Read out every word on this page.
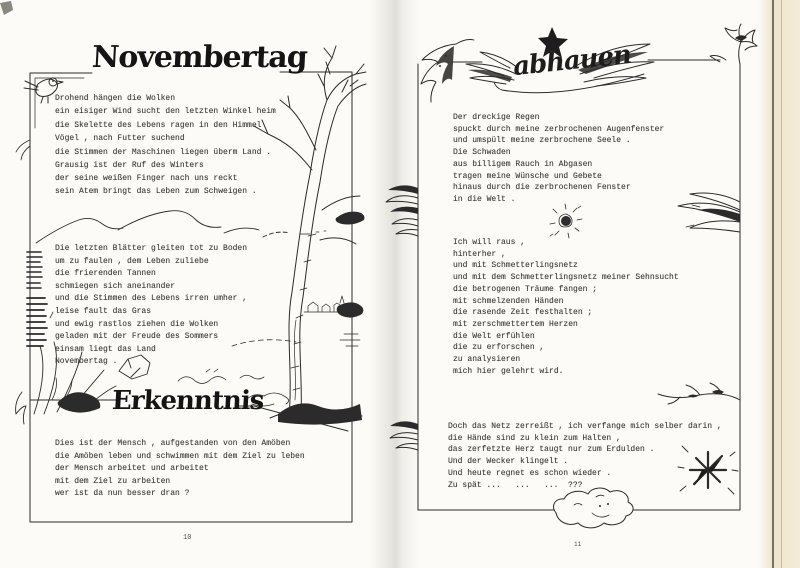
Novembertag
Drohend hängen die Wolken
ein eisiger Wind sucht den letzten Winkel heim
die Skelette des Lebens ragen in den Himmel
Vögel , nach Futter suchend
die Stimmen der Maschinen liegen überm Land .
Grausig ist der Ruf des Winters
der seine weißen Finger nach uns reckt
sein Atem bringt das Leben zum Schweigen .
Die letzten Blätter gleiten tot zu Boden
um zu faulen , dem Leben zuliebe
die frierenden Tannen
schmiegen sich aneinander
und die Stimmen des Lebens irren umher ,
leise fault das Gras
und ewig rastlos ziehen die Wolken
geladen mit der Freude des Sommers
einsam liegt das Land
Novembertag .
Erkenntnis
Dies ist der Mensch , aufgestanden von den Amöben
die Amöben leben und schwimmen mit dem Ziel zu leben
der Mensch arbeitet und arbeitet
mit dem Ziel zu arbeiten
wer ist da nun besser dran ?
10
abhauen
Der dreckige Regen
spuckt durch meine zerbrochenen Augenfenster
und umspült meine zerbrochene Seele .
Die Schwaden
aus billigem Rauch in Abgasen
tragen meine Wünsche und Gebete
hinaus durch die zerbrochenen Fenster
in die Welt .
Ich will raus ,
hinterher ,
und mit Schmetterlingsnetz
und mit dem Schmetterlingsnetz meiner Sehnsucht
die betrogenen Träume fangen ;
mit schmelzenden Händen
die rasende Zeit festhalten ;
mit zerschmettertem Herzen
die Welt erfühlen
die zu erforschen ,
zu analysieren
mich hier gelehrt wird.
Doch das Netz zerreißt , ich verfange mich selber darin ,
die Hände sind zu klein zum Halten ,
das zerfetzte Herz taugt nur zum Erdulden .
Und der Wecker klingelt .
Und heute regnet es schon wieder .
Zu spät ...   ...   ...  ???
11
